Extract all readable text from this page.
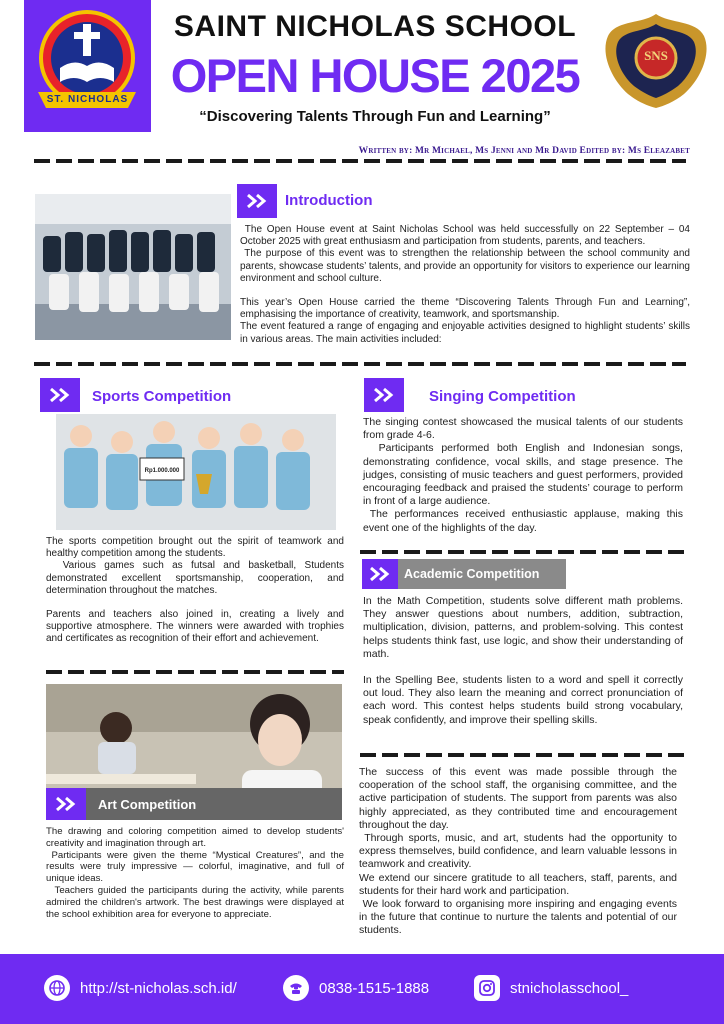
ST. NICHOLAS
SAINT NICHOLAS SCHOOL
OPEN HOUSE 2025
“Discovering Talents Through Fun and Learning”
SNS
Written by: Mr Michael, Ms Jenni and Mr David Edited by: Ms Eleazabet
Introduction

The Open House event at Saint Nicholas School was held successfully on 22 September – 04 October 2025 with great enthusiasm and participation from students, parents, and teachers.

The purpose of this event was to strengthen the relationship between the school community and parents, showcase students’ talents, and provide an opportunity for visitors to experience our learning environment and school culture.

This year’s Open House carried the theme “Discovering Talents Through Fun and Learning”, emphasising the importance of creativity, teamwork, and sportsmanship.

The event featured a range of engaging and enjoyable activities designed to highlight students’ skills in various areas. The main activities included:

Sports Competition
Rp1.000.000

The sports competition brought out the spirit of teamwork and healthy competition among the students.

Various games such as futsal and basketball, Students demonstrated excellent sportsmanship, cooperation, and determination throughout the matches.

Parents and teachers also joined in, creating a lively and supportive atmosphere. The winners were awarded with trophies and certificates as recognition of their effort and achievement.

Art Competition

The drawing and coloring competition aimed to develop students' creativity and imagination through art.

Participants were given the theme “Mystical Creatures”, and the results were truly impressive — colorful, imaginative, and full of unique ideas.

Teachers guided the participants during the activity, while parents admired the children's artwork. The best drawings were displayed at the school exhibition area for everyone to appreciate.

Singing Competition

The singing contest showcased the musical talents of our students from grade 4-6.

Participants performed both English and Indonesian songs, demonstrating confidence, vocal skills, and stage presence. The judges, consisting of music teachers and guest performers, provided encouraging feedback and praised the students’ courage to perform in front of a large audience.

The performances received enthusiastic applause, making this event one of the highlights of the day.

Academic Competition

In the Math Competition, students solve different math problems. They answer questions about numbers, addition, subtraction, multiplication, division, patterns, and problem-solving. This contest helps students think fast, use logic, and show their understanding of math.

In the Spelling Bee, students listen to a word and spell it correctly out loud. They also learn the meaning and correct pronunciation of each word. This contest helps students build strong vocabulary, speak confidently, and improve their spelling skills.

The success of this event was made possible through the cooperation of the school staff, the organising committee, and the active participation of students. The support from parents was also highly appreciated, as they contributed time and encouragement throughout the day.

Through sports, music, and art, students had the opportunity to express themselves, build confidence, and learn valuable lessons in teamwork and creativity.

We extend our sincere gratitude to all teachers, staff, parents, and students for their hard work and participation.

We look forward to organising more inspiring and engaging events in the future that continue to nurture the talents and potential of our students.

http://st-nicholas.sch.id/	0838-1515-1888	stnicholasschool_
